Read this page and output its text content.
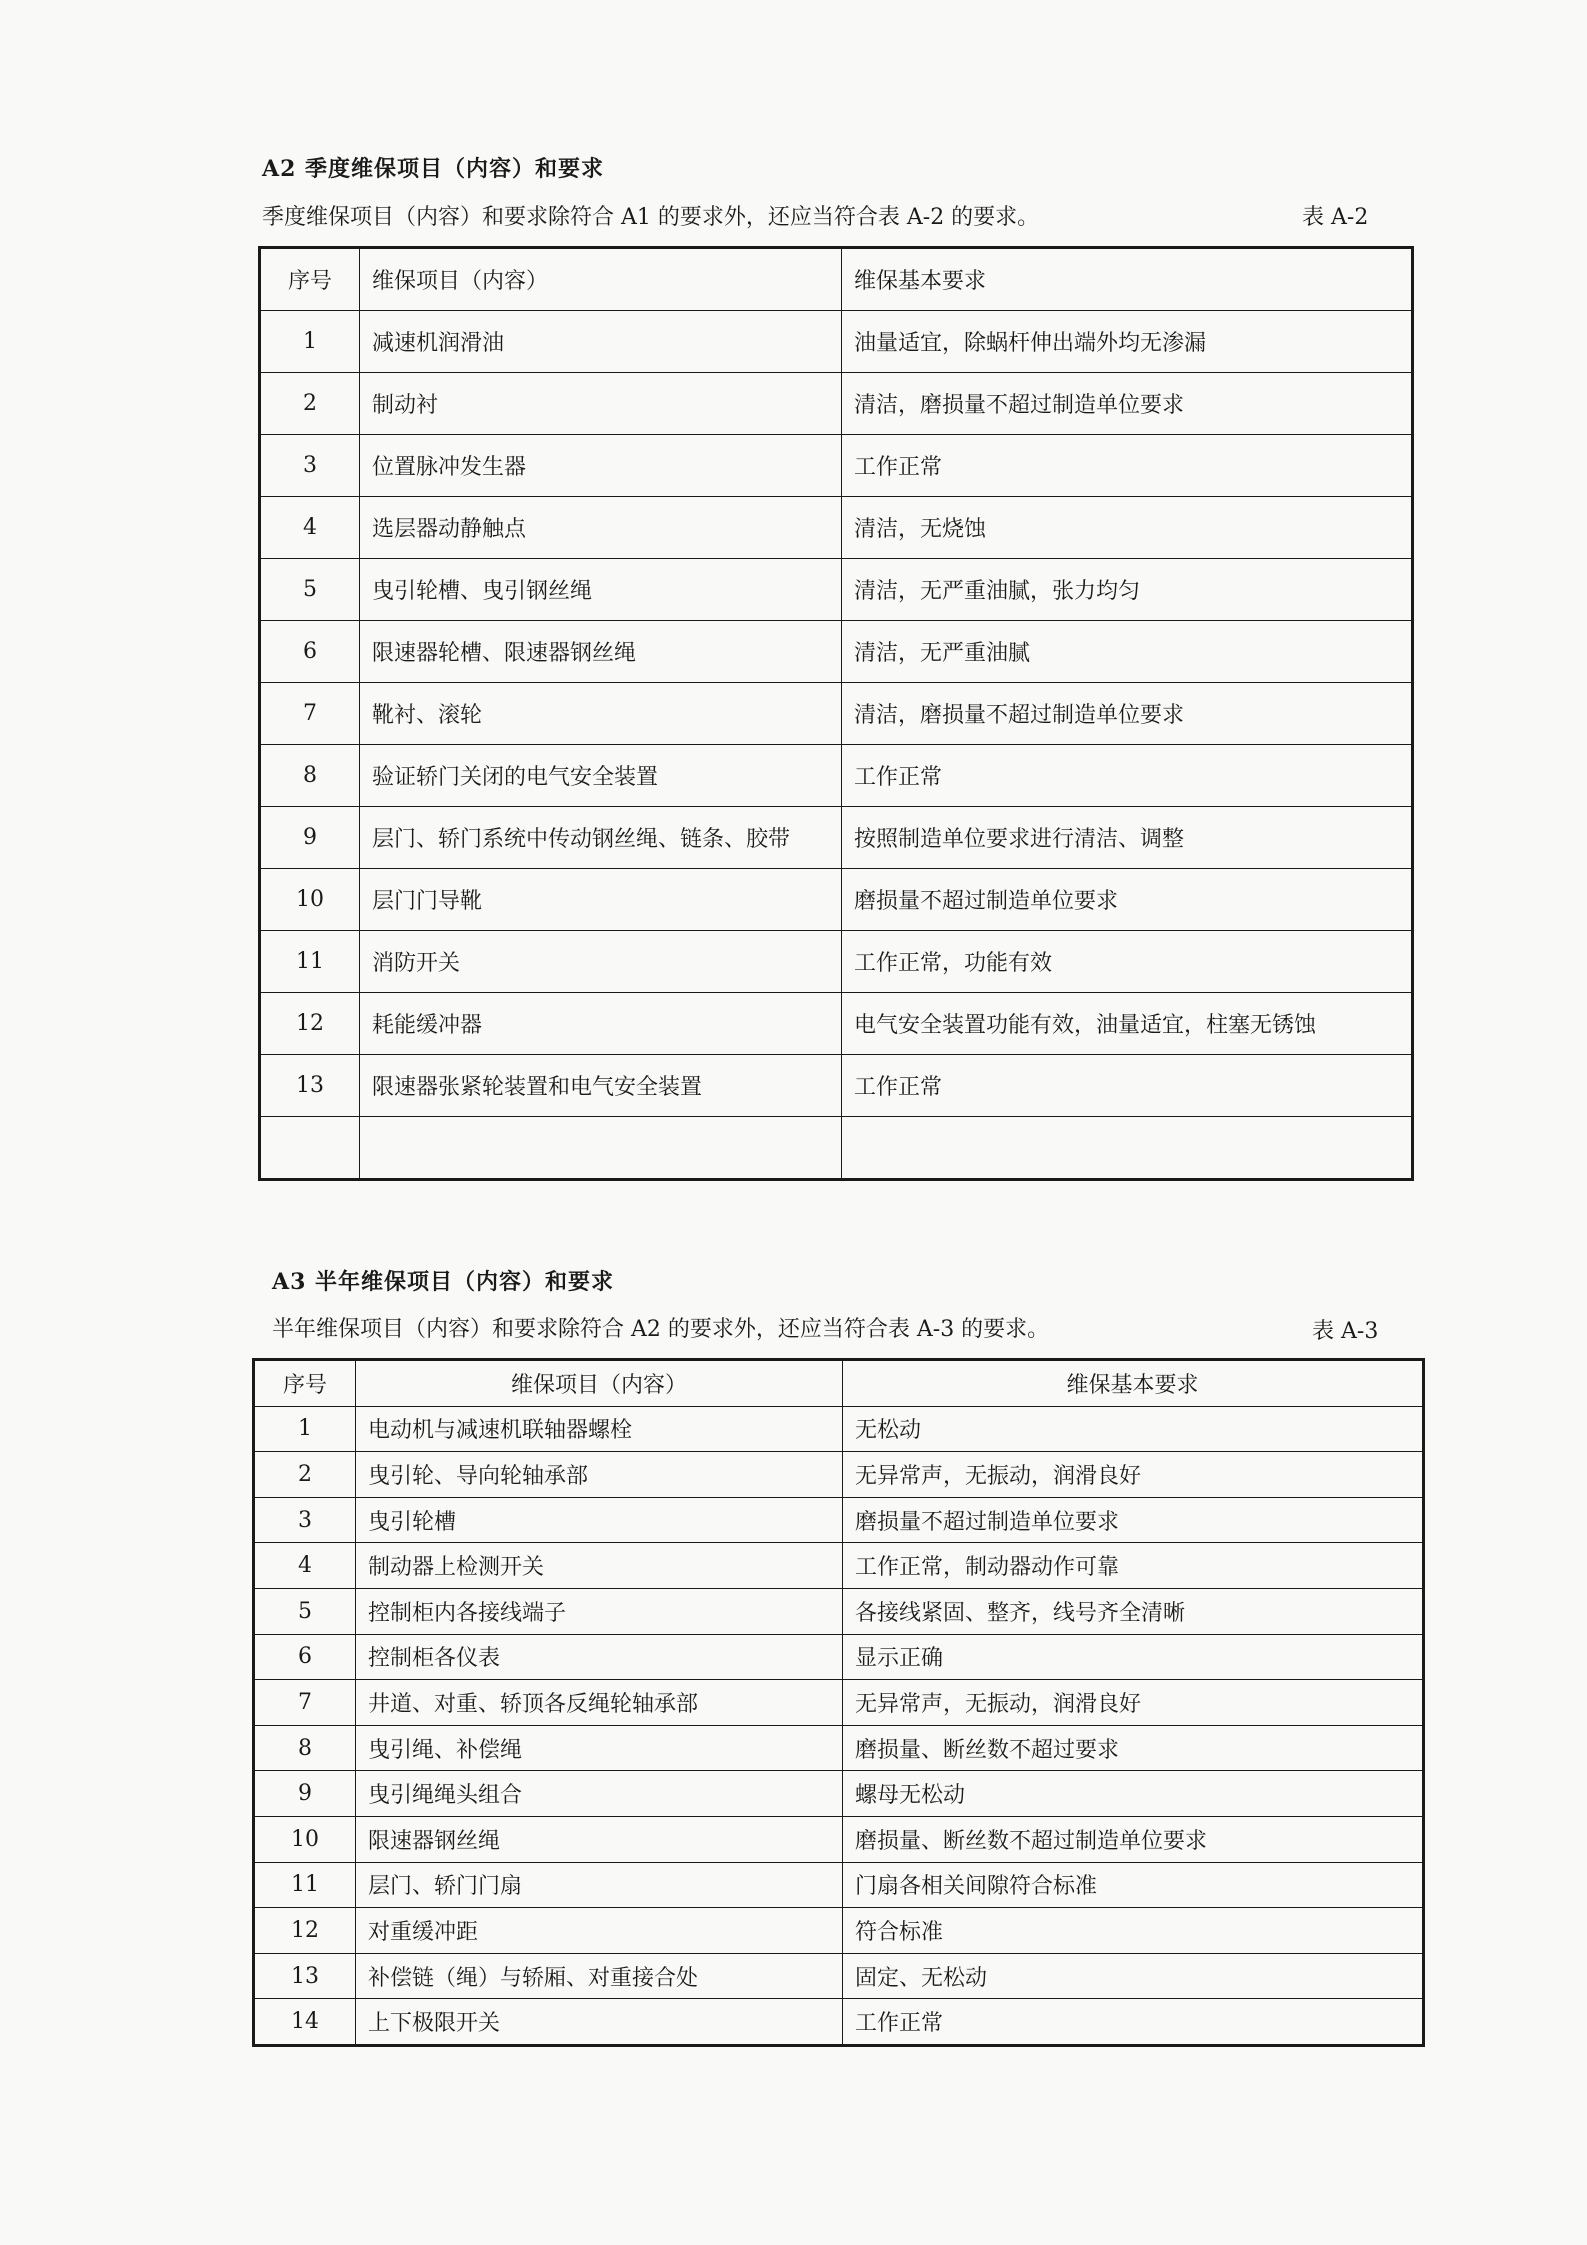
A2 季度维保项目（内容）和要求
季度维保项目（内容）和要求除符合 A1 的要求外，还应当符合表 A-2 的要求。	表 A-2
序号	维保项目（内容）	维保基本要求
1	减速机润滑油	油量适宜，除蜗杆伸出端外均无渗漏
2	制动衬	清洁，磨损量不超过制造单位要求
3	位置脉冲发生器	工作正常
4	选层器动静触点	清洁，无烧蚀
5	曳引轮槽、曳引钢丝绳	清洁，无严重油腻，张力均匀
6	限速器轮槽、限速器钢丝绳	清洁，无严重油腻
7	靴衬、滚轮	清洁，磨损量不超过制造单位要求
8	验证轿门关闭的电气安全装置	工作正常
9	层门、轿门系统中传动钢丝绳、链条、胶带	按照制造单位要求进行清洁、调整
10	层门门导靴	磨损量不超过制造单位要求
11	消防开关	工作正常，功能有效
12	耗能缓冲器	电气安全装置功能有效，油量适宜，柱塞无锈蚀
13	限速器张紧轮装置和电气安全装置	工作正常

A3 半年维保项目（内容）和要求
半年维保项目（内容）和要求除符合 A2 的要求外，还应当符合表 A-3 的要求。	表 A-3
序号	维保项目（内容）	维保基本要求
1	电动机与减速机联轴器螺栓	无松动
2	曳引轮、导向轮轴承部	无异常声，无振动，润滑良好
3	曳引轮槽	磨损量不超过制造单位要求
4	制动器上检测开关	工作正常，制动器动作可靠
5	控制柜内各接线端子	各接线紧固、整齐，线号齐全清晰
6	控制柜各仪表	显示正确
7	井道、对重、轿顶各反绳轮轴承部	无异常声，无振动，润滑良好
8	曳引绳、补偿绳	磨损量、断丝数不超过要求
9	曳引绳绳头组合	螺母无松动
10	限速器钢丝绳	磨损量、断丝数不超过制造单位要求
11	层门、轿门门扇	门扇各相关间隙符合标准
12	对重缓冲距	符合标准
13	补偿链（绳）与轿厢、对重接合处	固定、无松动
14	上下极限开关	工作正常
